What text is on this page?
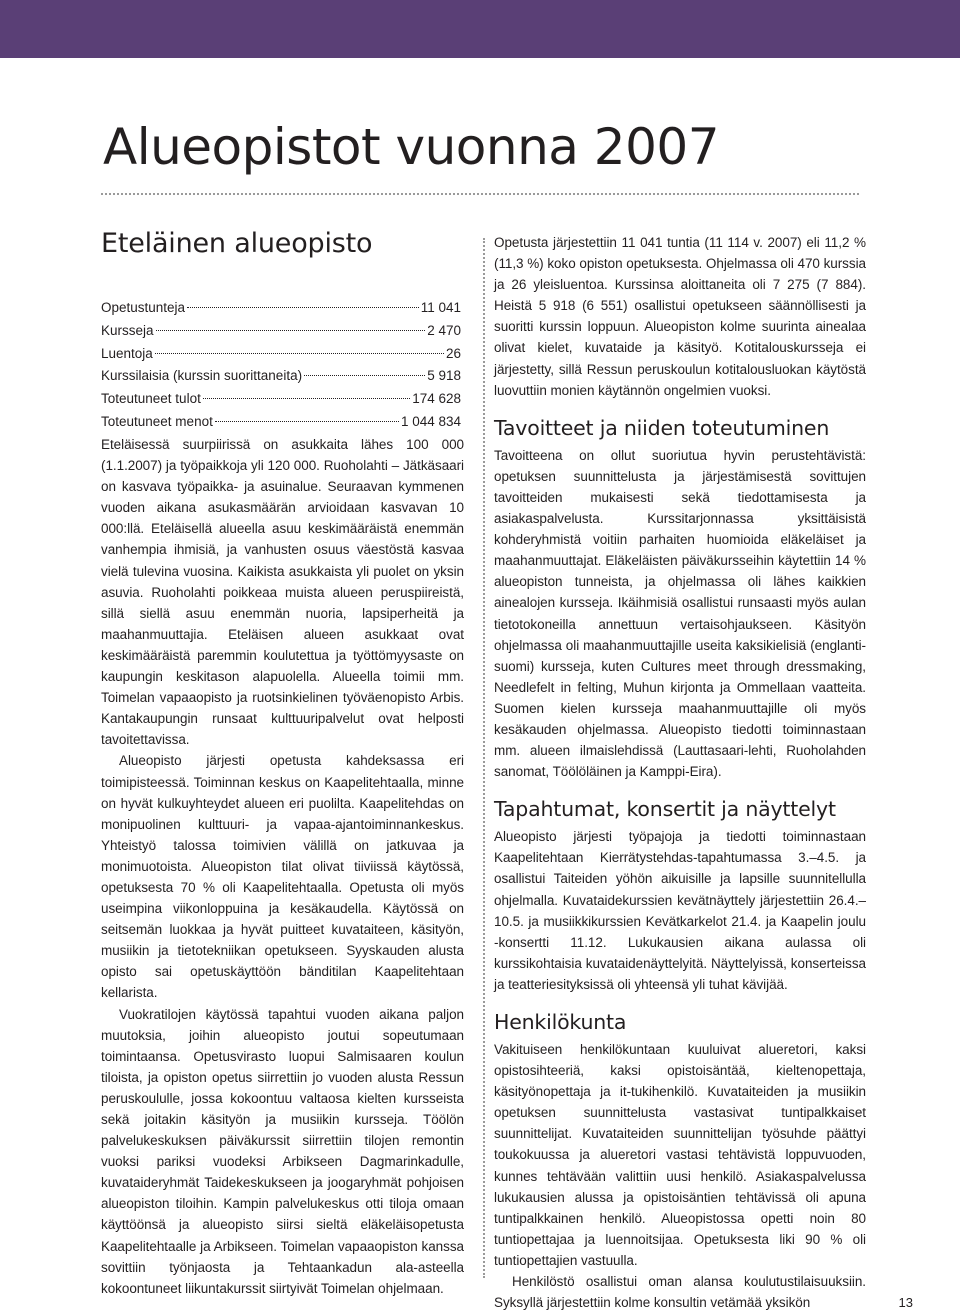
Alueopistot vuonna 2007
Eteläinen alueopisto
Opetustunteja	11 041
Kursseja	2 470
Luentoja	26
Kurssilaisia (kurssin suorittaneita)	5 918
Toteutuneet tulot	174 628
Toteutuneet menot	1 044 834

Eteläisessä suurpiirissä on asukkaita lähes 100 000 (1.1.2007) ja työpaikkoja yli 120 000. Ruoholahti – Jätkäsaari on kasvava työpaikka- ja asuinalue. Seuraavan kymmenen vuoden aikana asukasmäärän arvioidaan kasvavan 10 000:llä. Eteläisellä alueella asuu keskimääräistä enemmän vanhempia ihmisiä, ja vanhusten osuus väestöstä kasvaa vielä tulevina vuosina. Kaikista asukkaista yli puolet on yksin asuvia. Ruoholahti poikkeaa muista alueen peruspiireistä, sillä siellä asuu enemmän nuoria, lapsiperheitä ja maahanmuuttajia. Eteläisen alueen asukkaat ovat keskimääräistä paremmin koulutettua ja työttömyysaste on kaupungin keskitason alapuolella. Alueella toimii mm. Toimelan vapaaopisto ja ruotsinkielinen työväenopisto Arbis. Kantakaupungin runsaat kulttuuripalvelut ovat helposti tavoitettavissa.

Alueopisto järjesti opetusta kahdeksassa eri toimipisteessä. Toiminnan keskus on Kaapelitehtaalla, minne on hyvät kulkuyhteydet alueen eri puolilta. Kaapelitehdas on monipuolinen kulttuuri- ja vapaa-ajantoiminnankeskus. Yhteistyö talossa toimivien välillä on jatkuvaa ja monimuotoista. Alueopiston tilat olivat tiiviissä käytössä, opetuksesta 70 % oli Kaapelitehtaalla. Opetusta oli myös useimpina viikonloppuina ja kesäkaudella. Käytössä on seitsemän luokkaa ja hyvät puitteet kuvataiteen, käsityön, musiikin ja tietotekniikan opetukseen. Syyskauden alusta opisto sai opetuskäyttöön bänditilan Kaapelitehtaan kellarista.

Vuokratilojen käytössä tapahtui vuoden aikana paljon muutoksia, joihin alueopisto joutui sopeutumaan toimintaansa. Opetusvirasto luopui Salmisaaren koulun tiloista, ja opiston opetus siirrettiin jo vuoden alusta Ressun peruskoululle, jossa kokoontuu valtaosa kielten kursseista sekä joitakin käsityön ja musiikin kursseja. Töölön palvelukeskuksen päiväkurssit siirrettiin tilojen remontin vuoksi pariksi vuodeksi Arbikseen Dagmarinkadulle, kuvataideryhmät Taidekeskukseen ja joogaryhmät pohjoisen alueopiston tiloihin. Kampin palvelukeskus otti tiloja omaan käyttöönsä ja alueopisto siirsi sieltä eläkeläisopetusta Kaapelitehtaalle ja Arbikseen. Toimelan vapaaopiston kanssa sovittiin työnjaosta ja Tehtaankadun ala-asteella kokoontuneet liikuntakurssit siirtyivät Toimelan ohjelmaan.

Opetusta järjestettiin 11 041 tuntia (11 114 v. 2007) eli 11,2 % (11,3 %) koko opiston opetuksesta. Ohjelmassa oli 470 kurssia ja 26 yleisluentoa. Kurssinsa aloittaneita oli 7 275 (7 884). Heistä 5 918 (6 551) osallistui opetukseen säännöllisesti ja suoritti kurssin loppuun. Alueopiston kolme suurinta ainealaa olivat kielet, kuvataide ja käsityö. Kotitalouskursseja ei järjestetty, sillä Ressun peruskoulun kotitalousluokan käytöstä luovuttiin monien käytännön ongelmien vuoksi.

Tavoitteet ja niiden toteutuminen

Tavoitteena on ollut suoriutua hyvin perustehtävistä: opetuksen suunnittelusta ja järjestämisestä sovittujen tavoitteiden mukaisesti sekä tiedottamisesta ja asiakaspalvelusta. Kurssitarjonnassa yksittäisistä kohderyhmistä voitiin parhaiten huomioida eläkeläiset ja maahanmuuttajat. Eläkeläisten päiväkursseihin käytettiin 14 % alueopiston tunneista, ja ohjelmassa oli lähes kaikkien ainealojen kursseja. Ikäihmisiä osallistui runsaasti myös aulan tietotokoneilla annettuun vertaisohjaukseen. Käsityön ohjelmassa oli maahanmuuttajille useita kaksikielisiä (englanti-suomi) kursseja, kuten Cultures meet through dressmaking, Needlefelt in felting, Muhun kirjonta ja Ommellaan vaatteita. Suomen kielen kursseja maahanmuuttajille oli myös kesäkauden ohjelmassa. Alueopisto tiedotti toiminnastaan mm. alueen ilmaislehdissä (Lauttasaari-lehti, Ruoholahden sanomat, Töölöläinen ja Kamppi-Eira).

Tapahtumat, konsertit ja näyttelyt

Alueopisto järjesti työpajoja ja tiedotti toiminnastaan Kaapelitehtaan Kierrätystehdas-tapahtumassa 3.–4.5. ja osallistui Taiteiden yöhön aikuisille ja lapsille suunnitellulla ohjelmalla. Kuvataidekurssien kevätnäyttely järjestettiin 26.4.–10.5. ja musiikkikurssien Kevätkarkelot 21.4. ja Kaapelin joulu -konsertti 11.12. Lukukausien aikana aulassa oli kurssikohtaisia kuvataidenäyttelyitä. Näyttelyissä, konserteissa ja teatteriesityksissä oli yhteensä yli tuhat kävijää.

Henkilökunta

Vakituiseen henkilökuntaan kuuluivat alueretori, kaksi opistosihteeriä, kaksi opistoisäntää, kieltenopettaja, käsityönopettaja ja it-tukihenkilö. Kuvataiteiden ja musiikin opetuksen suunnittelusta vastasivat tuntipalkkaiset suunnittelijat. Kuvataiteiden suunnittelijan työsuhde päättyi toukokuussa ja alueretori vastasi tehtävistä loppuvuoden, kunnes tehtävään valittiin uusi henkilö. Asiakaspalvelussa lukukausien alussa ja opistoisäntien tehtävissä oli apuna tuntipalkkainen henkilö. Alueopistossa opetti noin 80 tuntiopettajaa ja luennoitsijaa. Opetuksesta liki 90 % oli tuntiopettajien vastuulla.

Henkilöstö osallistui oman alansa koulutustilaisuuksiin. Syksyllä järjestettiin kolme konsultin vetämää yksikön	13
